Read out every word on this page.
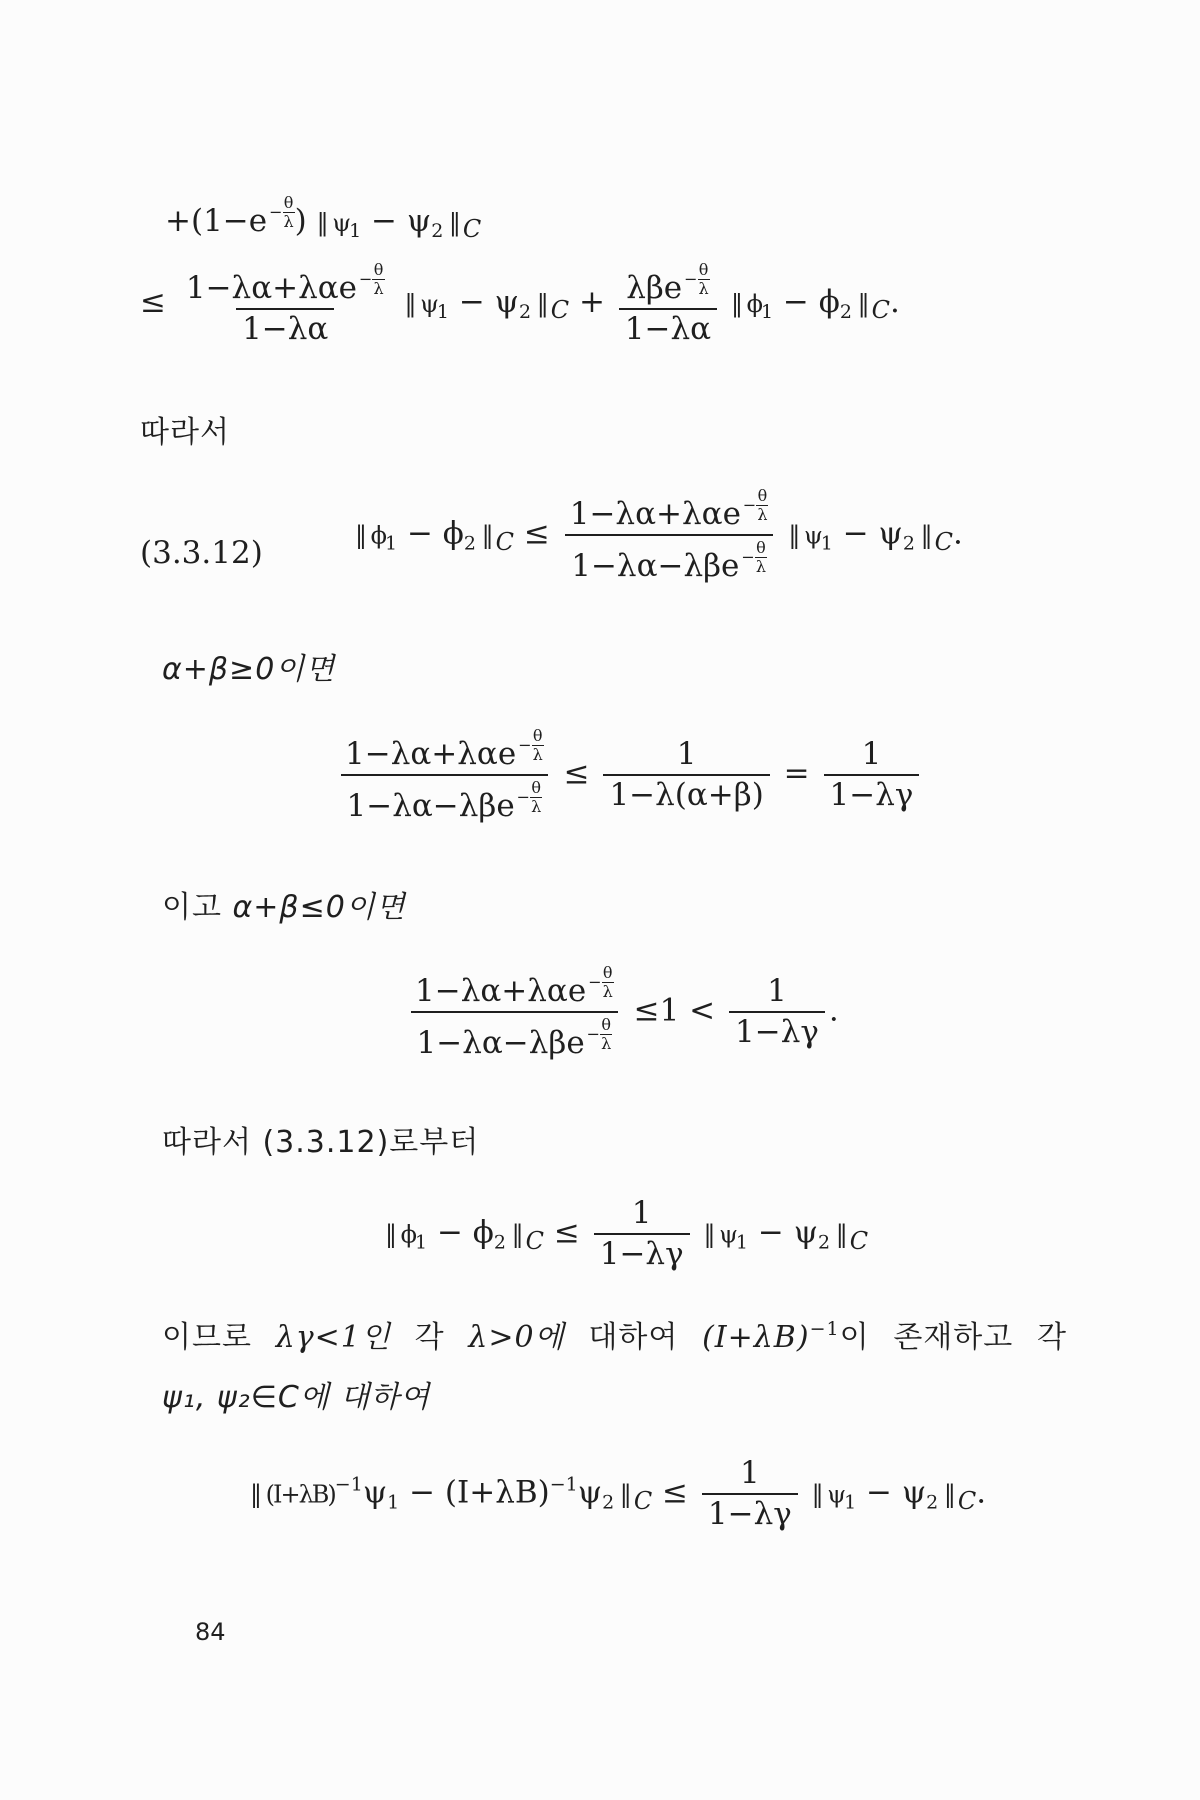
$+(1-e - \frac{\theta}{\lambda}$ ) ‖ $\psi_1 - \psi_2$ ‖ C
≤ $\frac{1-\lambda\alpha+\lambda\alpha e - \frac{\theta}{\lambda}}{1-\lambda\alpha}$ ‖ $\psi_1 - \psi_2$ ‖ $C + \frac{\lambda\beta e - \frac{\theta}{\lambda}}{1-\lambda\alpha}$ ‖ $\phi_1 - \phi_2$ ‖ C.
따라서
(3.3.12)	‖ $\phi_1 - \phi_2$ ‖ $C \le \frac{1-\lambda\alpha+\lambda\alpha e - \frac{\theta}{\lambda}}{1-\lambda\alpha-\lambda\beta e - \frac{\theta}{\lambda}}$ ‖ $\psi_1 - \psi_2$ ‖ C.
α+β≥0이면
$\frac{1-\lambda\alpha+\lambda\alpha e - \frac{\theta}{\lambda}}{1-\lambda\alpha-\lambda\beta e - \frac{\theta}{\lambda}} \le \frac{1}{1-\lambda(\alpha+\beta)} = \frac{1}{1-\lambda\gamma}$
이고 α+β≤0이면
$\frac{1-\lambda\alpha+\lambda\alpha e - \frac{\theta}{\lambda}}{1-\lambda\alpha-\lambda\beta e - \frac{\theta}{\lambda}} \le 1 < \frac{1}{1-\lambda\gamma}$ .
따라서 (3.3.12)로부터
‖ $\phi_1 - \phi_2$ ‖ $C \le \frac{1}{1-\lambda\gamma}$ ‖ $\psi_1 - \psi_2$ ‖ C
이므로 λγ<1인 각 λ>0에 대하여 $(I+\lambda B)^{-1}$이 존재하고 각
ψ₁, ψ₂∈C에 대하여
‖ $(I+\lambda B)^{-1}\psi_1 - (I+\lambda B)^{-1}\psi_2$ ‖ $C \le \frac{1}{1-\lambda\gamma}$ ‖ $\psi_1 - \psi_2$ ‖ C.
84
